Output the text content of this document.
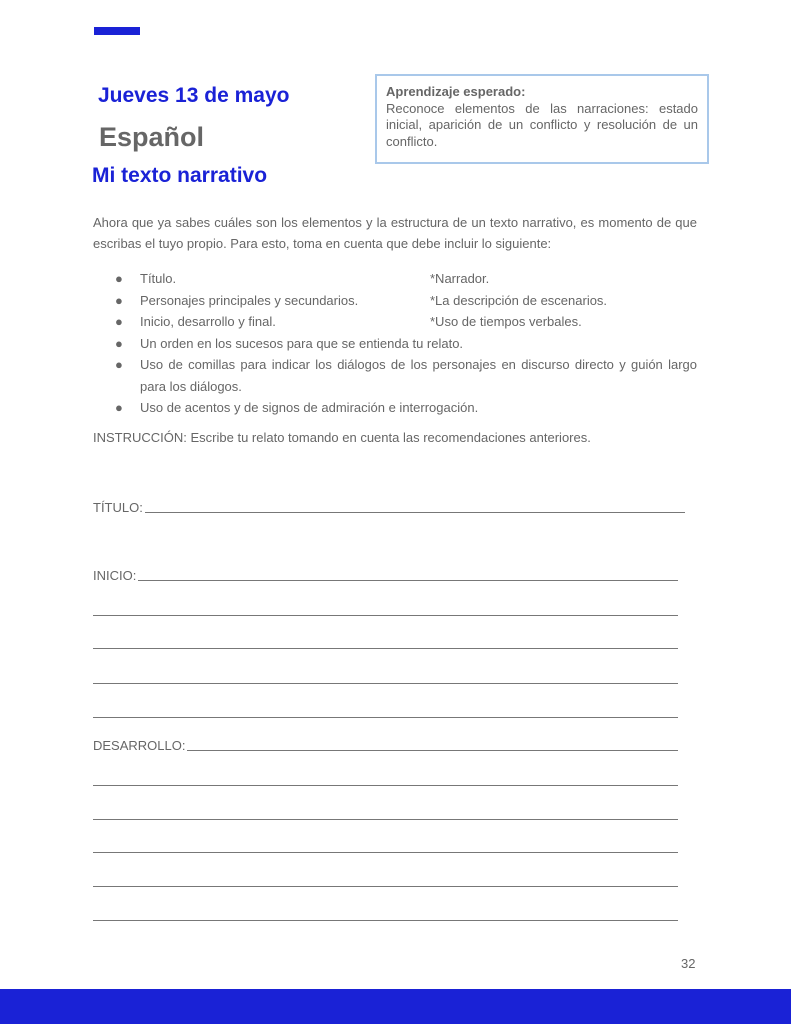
Jueves 13 de mayo
Español
Mi texto narrativo
Aprendizaje esperado:
Reconoce elementos de las narraciones: estado inicial, aparición de un conflicto y resolución de un conflicto.
Ahora que ya sabes cuáles son los elementos y la estructura de un texto narrativo, es momento de que escribas el tuyo propio. Para esto, toma en cuenta que debe incluir lo siguiente:
● Título.	*Narrador.
● Personajes principales y secundarios.	*La descripción de escenarios.
● Inicio, desarrollo y final.	*Uso de tiempos verbales.
● Un orden en los sucesos para que se entienda tu relato.
● Uso de comillas para indicar los diálogos de los personajes en discurso directo y guión largo para los diálogos.
● Uso de acentos y de signos de admiración e interrogación.
INSTRUCCIÓN: Escribe tu relato tomando en cuenta las recomendaciones anteriores.
TÍTULO:
INICIO:
DESARROLLO:
32
